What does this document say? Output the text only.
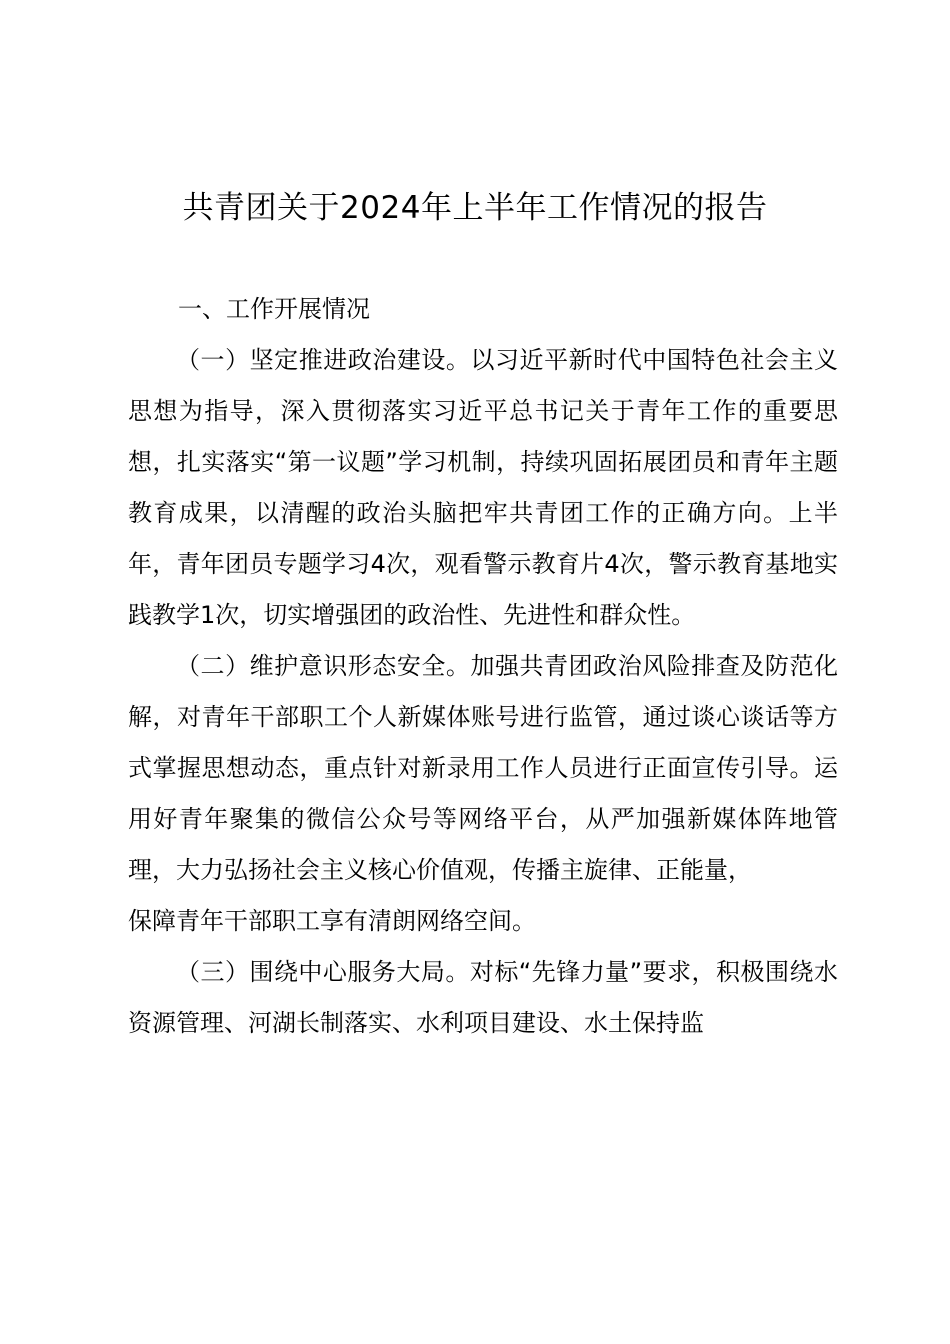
共青团关于2024年上半年工作情况的报告

一、工作开展情况

（一）坚定推进政治建设。以习近平新时代中国特色社会主义思想为指导，深入贯彻落实习近平总书记关于青年工作的重要思想，扎实落实“第一议题”学习机制，持续巩固拓展团员和青年主题教育成果，以清醒的政治头脑把牢共青团工作的正确方向。上半年，青年团员专题学习4次，观看警示教育片4次，警示教育基地实践教学1次，切实增强团的政治性、先进性和群众性。

（二）维护意识形态安全。加强共青团政治风险排查及防范化解，对青年干部职工个人新媒体账号进行监管，通过谈心谈话等方式掌握思想动态，重点针对新录用工作人员进行正面宣传引导。运用好青年聚集的微信公众号等网络平台，从严加强新媒体阵地管理，大力弘扬社会主义核心价值观，传播主旋律、正能量，

保障青年干部职工享有清朗网络空间。

（三）围绕中心服务大局。对标“先锋力量”要求，积极围绕水资源管理、河湖长制落实、水利项目建设、水土保持监
